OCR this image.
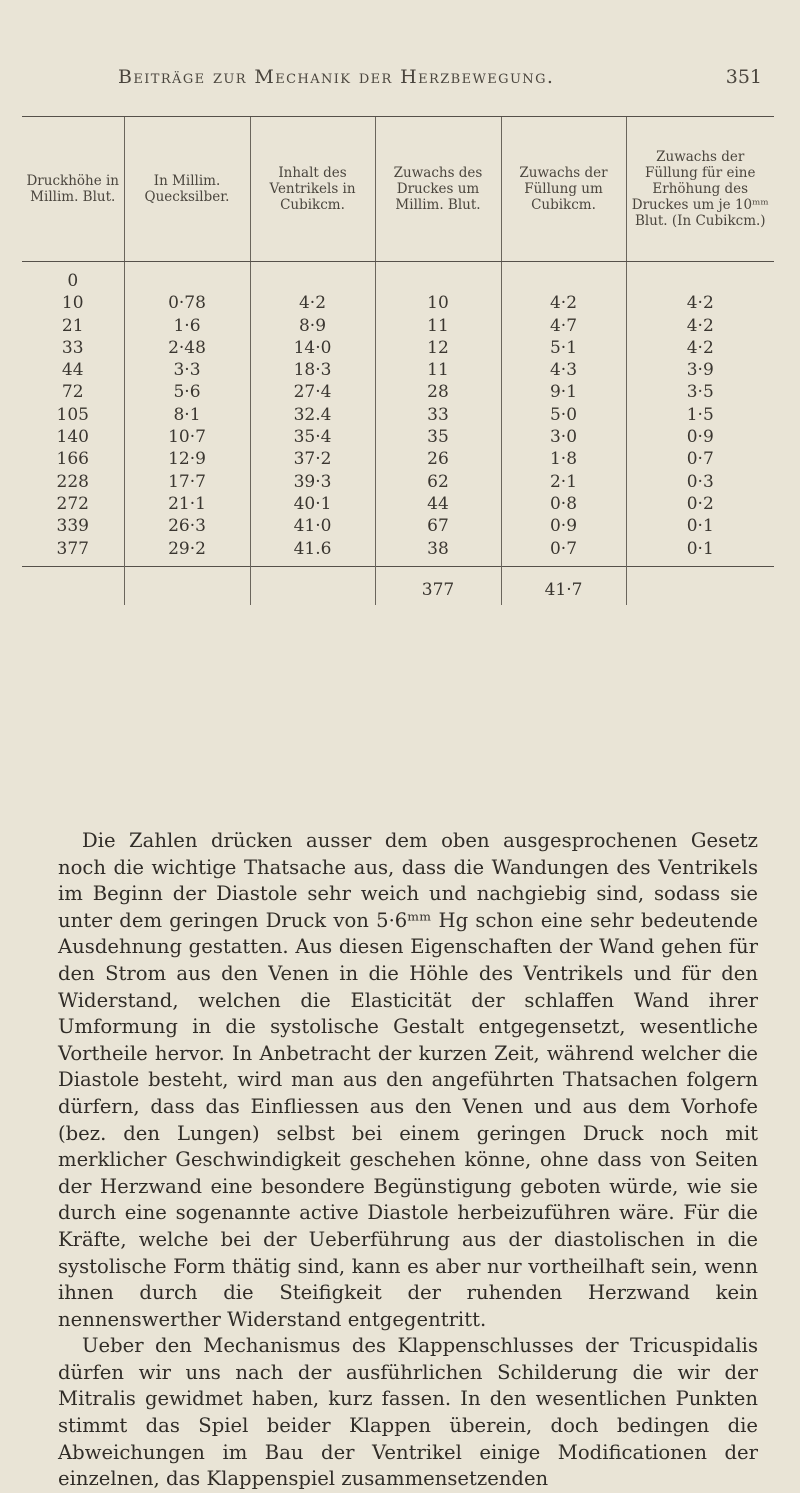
Beiträge zur Mechanik der Herzbewegung.	351
Druckhöhe in Millim. Blut.	In Millim. Quecksilber.	Inhalt des Ventrikels in Cubikcm.	Zuwachs des Druckes um Millim. Blut.	Zuwachs der Füllung um Cubikcm.	Zuwachs der Füllung für eine Erhöhung des Druckes um je 10ᵐᵐ Blut. (In Cubikcm.)
0					
10	0·78	4·2	10	4·2	4·2
21	1·6	8·9	11	4·7	4·2
33	2·48	14·0	12	5·1	4·2
44	3·3	18·3	11	4·3	3·9
72	5·6	27·4	28	9·1	3·5
105	8·1	32.4	33	5·0	1·5
140	10·7	35·4	35	3·0	0·9
166	12·9	37·2	26	1·8	0·7
228	17·7	39·3	62	2·1	0·3
272	21·1	40·1	44	0·8	0·2
339	26·3	41·0	67	0·9	0·1
377	29·2	41.6	38	0·7	0·1
			377	41·7	

Die Zahlen drücken ausser dem oben ausgesprochenen Gesetz noch die wichtige Thatsache aus, dass die Wandungen des Ventrikels im Beginn der Diastole sehr weich und nachgiebig sind, sodass sie unter dem geringen Druck von 5·6ᵐᵐ Hg schon eine sehr bedeutende Ausdehnung gestatten. Aus diesen Eigenschaften der Wand gehen für den Strom aus den Venen in die Höhle des Ventrikels und für den Widerstand, welchen die Elasticität der schlaffen Wand ihrer Umformung in die systolische Gestalt entgegensetzt, wesentliche Vortheile hervor. In Anbetracht der kurzen Zeit, während welcher die Diastole besteht, wird man aus den angeführten Thatsachen folgern dürfern, dass das Einfliessen aus den Venen und aus dem Vorhofe (bez. den Lungen) selbst bei einem geringen Druck noch mit merklicher Geschwindigkeit geschehen könne, ohne dass von Seiten der Herzwand eine besondere Begünstigung geboten würde, wie sie durch eine sogenannte active Diastole herbeizuführen wäre. Für die Kräfte, welche bei der Ueberführung aus der diastolischen in die systolische Form thätig sind, kann es aber nur vortheilhaft sein, wenn ihnen durch die Steifigkeit der ruhenden Herzwand kein nennenswerther Widerstand entgegentritt.

Ueber den Mechanismus des Klappenschlusses der Tricuspidalis dürfen wir uns nach der ausführlichen Schilderung die wir der Mitralis gewidmet haben, kurz fassen. In den wesentlichen Punkten stimmt das Spiel beider Klappen überein, doch bedingen die Abweichungen im Bau der Ventrikel einige Modificationen der einzelnen, das Klappenspiel zusammensetzenden
